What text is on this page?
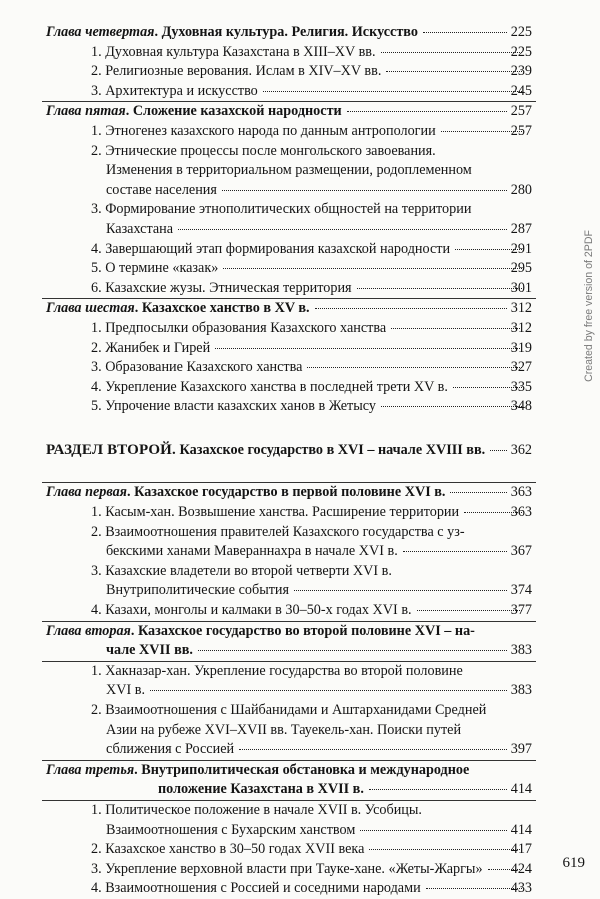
Глава четвертая. Духовная культура. Религия. Искусство	225
1. Духовная культура Казахстана в XIII–XV вв.	225
2. Религиозные верования. Ислам в XIV–XV вв.	239
3. Архитектура и искусство	245
Глава пятая. Сложение казахской народности	257
1. Этногенез казахского народа по данным антропологии	257
2. Этнические процессы после монгольского завоевания.
Изменения в территориальном размещении, родоплеменном
составе населения	280
3. Формирование этнополитических общностей на территории
Казахстана	287
4. Завершающий этап формирования казахской народности	291
5. О термине «казак»	295
6. Казахские жузы. Этническая территория	301
Глава шестая. Казахское ханство в XV в.	312
1. Предпосылки образования Казахского ханства	312
2. Жанибек и Гирей	319
3. Образование Казахского ханства	327
4. Укрепление Казахского ханства в последней трети XV в.	335
5. Упрочение власти казахских ханов в Жетысу	348
РАЗДЕЛ ВТОРОЙ. Казахское государство в XVI – начале XVIII вв. 362
Глава первая. Казахское государство в первой половине XVI в.	363
1. Касым-хан. Возвышение ханства. Расширение территории	363
2. Взаимоотношения правителей Казахского государства с уз-
бекскими ханами Мавераннахра в начале XVI в.	367
3. Казахские владетели во второй четверти XVI в.
Внутриполитические события	374
4. Казахи, монголы и калмаки в 30–50-х годах XVI в.	377
Глава вторая. Казахское государство во второй половине XVI – на-
чале XVII вв.	383
1. Хакназар-хан. Укрепление государства во второй половине
XVI в.	383
2. Взаимоотношения с Шайбанидами и Аштарханидами Средней
Азии на рубеже XVI–XVII вв. Тауекель-хан. Поиски путей
сближения с Россией	397
Глава третья. Внутриполитическая обстановка и международное
положение Казахстана в XVII в.	414
1. Политическое положение в начале XVII в. Усобицы.
Взаимоотношения с Бухарским ханством	414
2. Казахское ханство в 30–50 годах XVII века	417
3. Укрепление верховной власти при Тауке-хане. «Жеты-Жаргы» 424
4. Взаимоотношения с Россией и соседними народами	433
619
Created by free version of 2PDF
